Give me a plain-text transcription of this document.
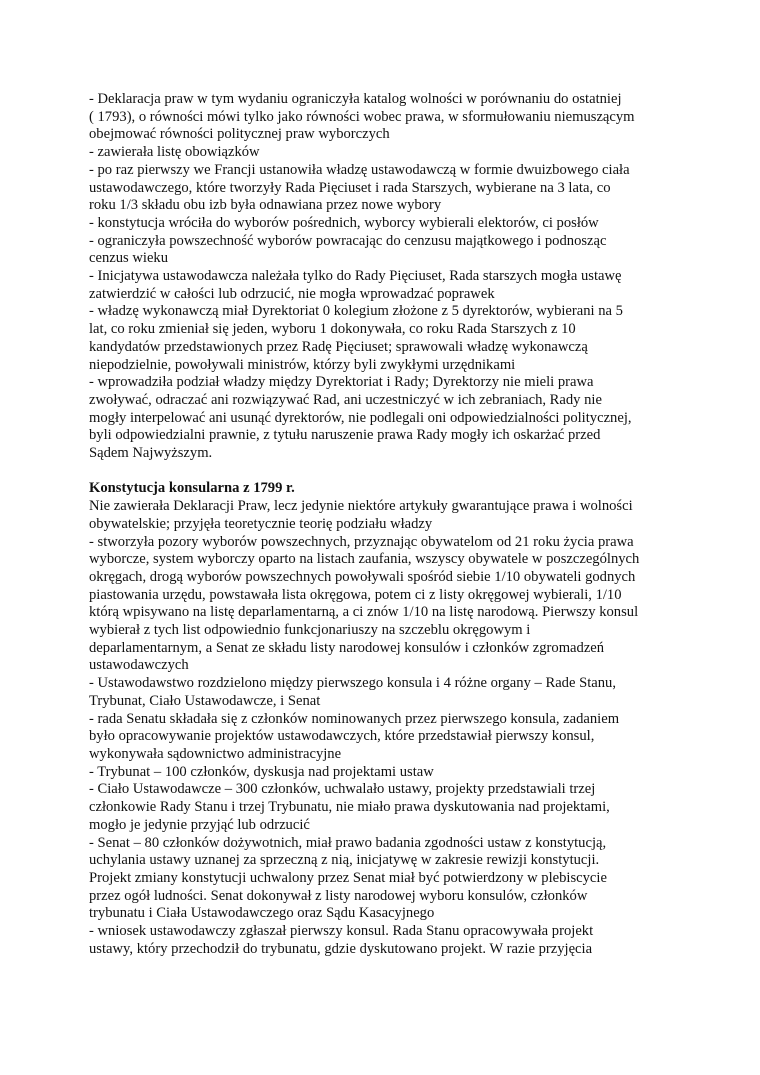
- Deklaracja praw w tym wydaniu ograniczyła katalog wolności w porównaniu do ostatniej
( 1793), o równości mówi tylko jako równości wobec prawa, w sformułowaniu niemuszącym
obejmować równości politycznej praw wyborczych
- zawierała listę obowiązków
- po raz pierwszy we Francji ustanowiła władzę ustawodawczą w formie dwuizbowego ciała
ustawodawczego, które tworzyły Rada Pięciuset i rada Starszych, wybierane na 3 lata, co
roku 1/3 składu obu izb była odnawiana przez nowe wybory
- konstytucja wróciła do wyborów pośrednich, wyborcy wybierali elektorów, ci posłów
- ograniczyła powszechność wyborów powracając do cenzusu majątkowego i podnosząc
cenzus wieku
- Inicjatywa ustawodawcza należała tylko do Rady Pięciuset, Rada starszych mogła ustawę
zatwierdzić w całości lub odrzucić, nie mogła wprowadzać poprawek
- władzę wykonawczą miał Dyrektoriat 0 kolegium złożone z 5 dyrektorów, wybierani na 5
lat, co roku zmieniał się jeden, wyboru 1 dokonywała, co roku Rada Starszych z 10
kandydatów przedstawionych przez Radę Pięciuset; sprawowali władzę wykonawczą
niepodzielnie, powoływali ministrów, którzy byli zwykłymi urzędnikami
- wprowadziła podział władzy między Dyrektoriat i Rady; Dyrektorzy nie mieli prawa
zwoływać, odraczać ani rozwiązywać Rad, ani uczestniczyć w ich zebraniach, Rady nie
mogły interpelować ani usunąć dyrektorów, nie podlegali oni odpowiedzialności politycznej,
byli odpowiedzialni prawnie, z tytułu naruszenie prawa Rady mogły ich oskarżać przed
Sądem Najwyższym.
Konstytucja konsularna z 1799 r.
Nie zawierała Deklaracji Praw, lecz jedynie niektóre artykuły gwarantujące prawa i wolności
obywatelskie; przyjęła teoretycznie teorię podziału władzy
- stworzyła pozory wyborów powszechnych, przyznając obywatelom od 21 roku życia prawa
wyborcze, system wyborczy oparto na listach zaufania, wszyscy obywatele w poszczególnych
okręgach, drogą wyborów powszechnych powoływali spośród siebie 1/10 obywateli godnych
piastowania urzędu, powstawała lista okręgowa, potem ci z listy okręgowej wybierali, 1/10
którą wpisywano na listę deparlamentarną, a ci znów 1/10 na listę narodową. Pierwszy konsul
wybierał z tych list odpowiednio funkcjonariuszy na szczeblu okręgowym i
deparlamentarnym, a Senat ze składu listy narodowej konsulów i członków zgromadzeń
ustawodawczych
- Ustawodawstwo rozdzielono między pierwszego konsula i 4 różne organy – Rade Stanu,
Trybunat, Ciało Ustawodawcze, i Senat
- rada Senatu składała się z członków nominowanych przez pierwszego konsula, zadaniem
było opracowywanie projektów ustawodawczych, które przedstawiał pierwszy konsul,
wykonywała sądownictwo administracyjne
- Trybunat – 100 członków, dyskusja nad projektami ustaw
- Ciało Ustawodawcze – 300 członków, uchwalało ustawy, projekty przedstawiali trzej
członkowie Rady Stanu i trzej Trybunatu, nie miało prawa dyskutowania nad projektami,
mogło je jedynie przyjąć lub odrzucić
- Senat – 80 członków dożywotnich, miał prawo badania zgodności ustaw z konstytucją,
uchylania ustawy uznanej za sprzeczną z nią, inicjatywę w zakresie rewizji konstytucji.
Projekt zmiany konstytucji uchwalony przez Senat miał być potwierdzony w plebiscycie
przez ogół ludności. Senat dokonywał z listy narodowej wyboru konsulów, członków
trybunatu i Ciała Ustawodawczego oraz Sądu Kasacyjnego
- wniosek ustawodawczy zgłaszał pierwszy konsul. Rada Stanu opracowywała projekt
ustawy, który przechodził do trybunatu, gdzie dyskutowano projekt. W razie przyjęcia
